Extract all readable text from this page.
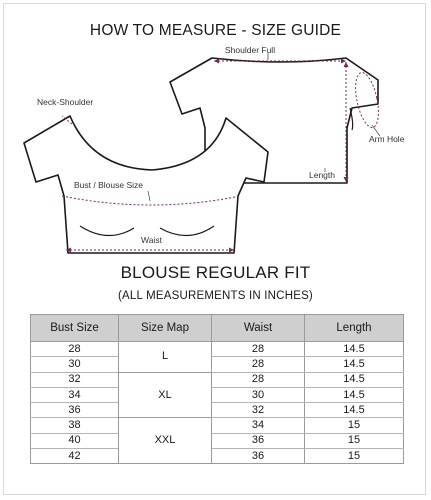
HOW TO MEASURE - SIZE GUIDE
Shoulder Full
Neck-Shoulder
Arm Hole
Length
Bust / Blouse Size
Waist
BLOUSE REGULAR FIT
(ALL MEASUREMENTS IN INCHES)
Bust Size	Size Map	Waist	Length
28	L	28	14.5
30		28	14.5
32	XL	28	14.5
34		30	14.5
36		32	14.5
38	XXL	34	15
40		36	15
42		36	15
